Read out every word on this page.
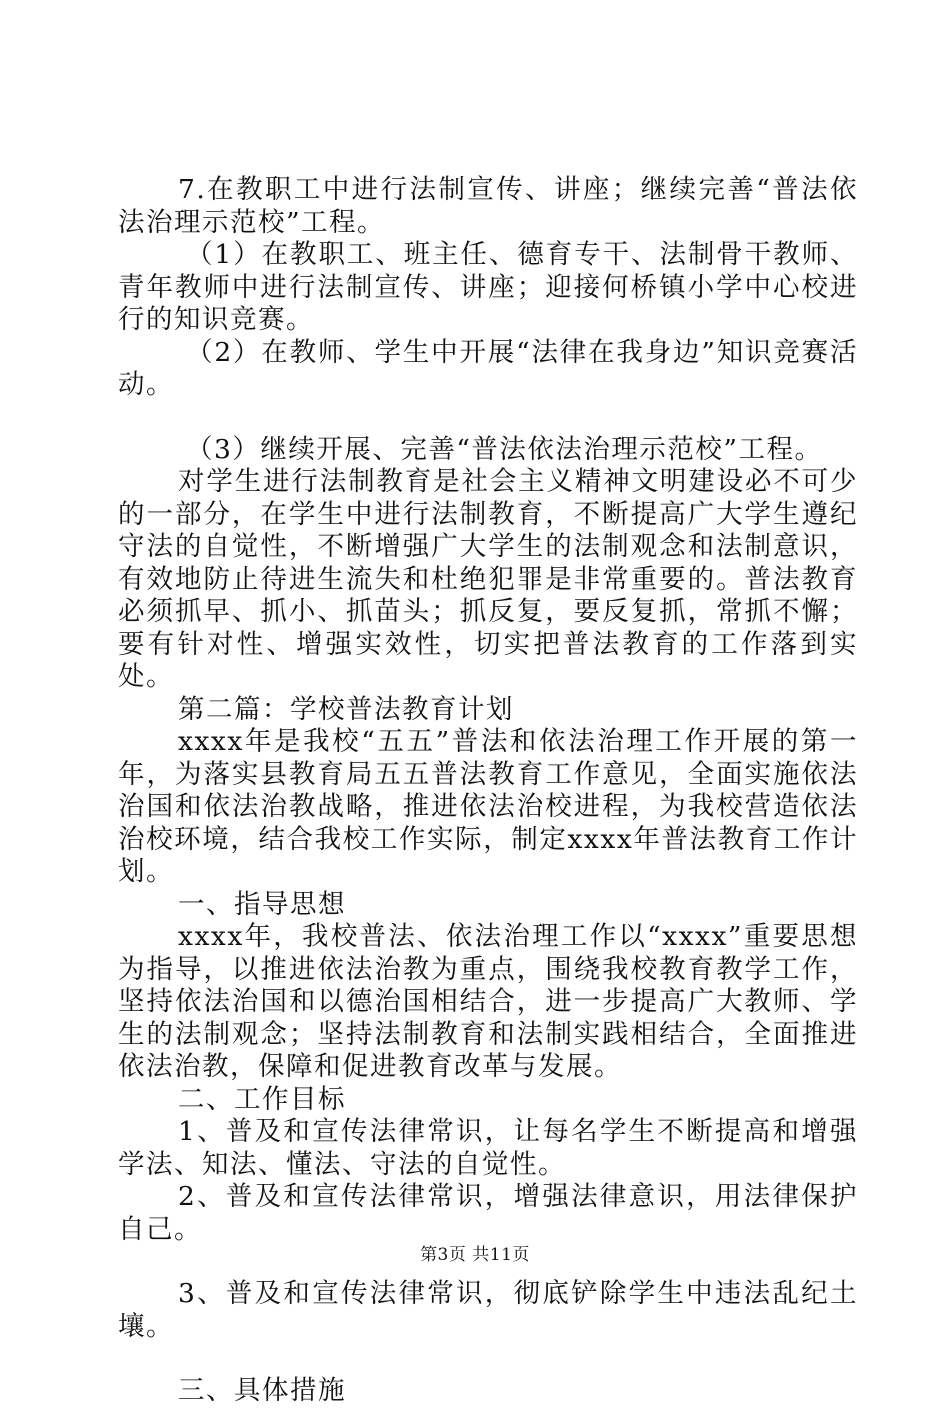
7.在教职工中进行法制宣传、讲座；继续完善“普法依法治理示范校”工程。

（1）在教职工、班主任、德育专干、法制骨干教师、青年教师中进行法制宣传、讲座；迎接何桥镇小学中心校进行的知识竞赛。

（2）在教师、学生中开展“法律在我身边”知识竞赛活动。

（3）继续开展、完善“普法依法治理示范校”工程。

对学生进行法制教育是社会主义精神文明建设必不可少的一部分，在学生中进行法制教育，不断提高广大学生遵纪守法的自觉性，不断增强广大学生的法制观念和法制意识，有效地防止待进生流失和杜绝犯罪是非常重要的。普法教育必须抓早、抓小、抓苗头；抓反复，要反复抓，常抓不懈；要有针对性、增强实效性，切实把普法教育的工作落到实处。

第二篇：学校普法教育计划

xxxx年是我校“五五”普法和依法治理工作开展的第一年，为落实县教育局五五普法教育工作意见，全面实施依法治国和依法治教战略，推进依法治校进程，为我校营造依法治校环境，结合我校工作实际，制定xxxx年普法教育工作计划。

一、指导思想

xxxx年，我校普法、依法治理工作以“xxxx”重要思想为指导，以推进依法治教为重点，围绕我校教育教学工作，坚持依法治国和以德治国相结合，进一步提高广大教师、学生的法制观念；坚持法制教育和法制实践相结合，全面推进依法治教，保障和促进教育改革与发展。

二、工作目标

1、普及和宣传法律常识，让每名学生不断提高和增强学法、知法、懂法、守法的自觉性。

2、普及和宣传法律常识，增强法律意识，用法律保护自己。

3、普及和宣传法律常识，彻底铲除学生中违法乱纪土壤。

三、具体措施

第3页 共11页
